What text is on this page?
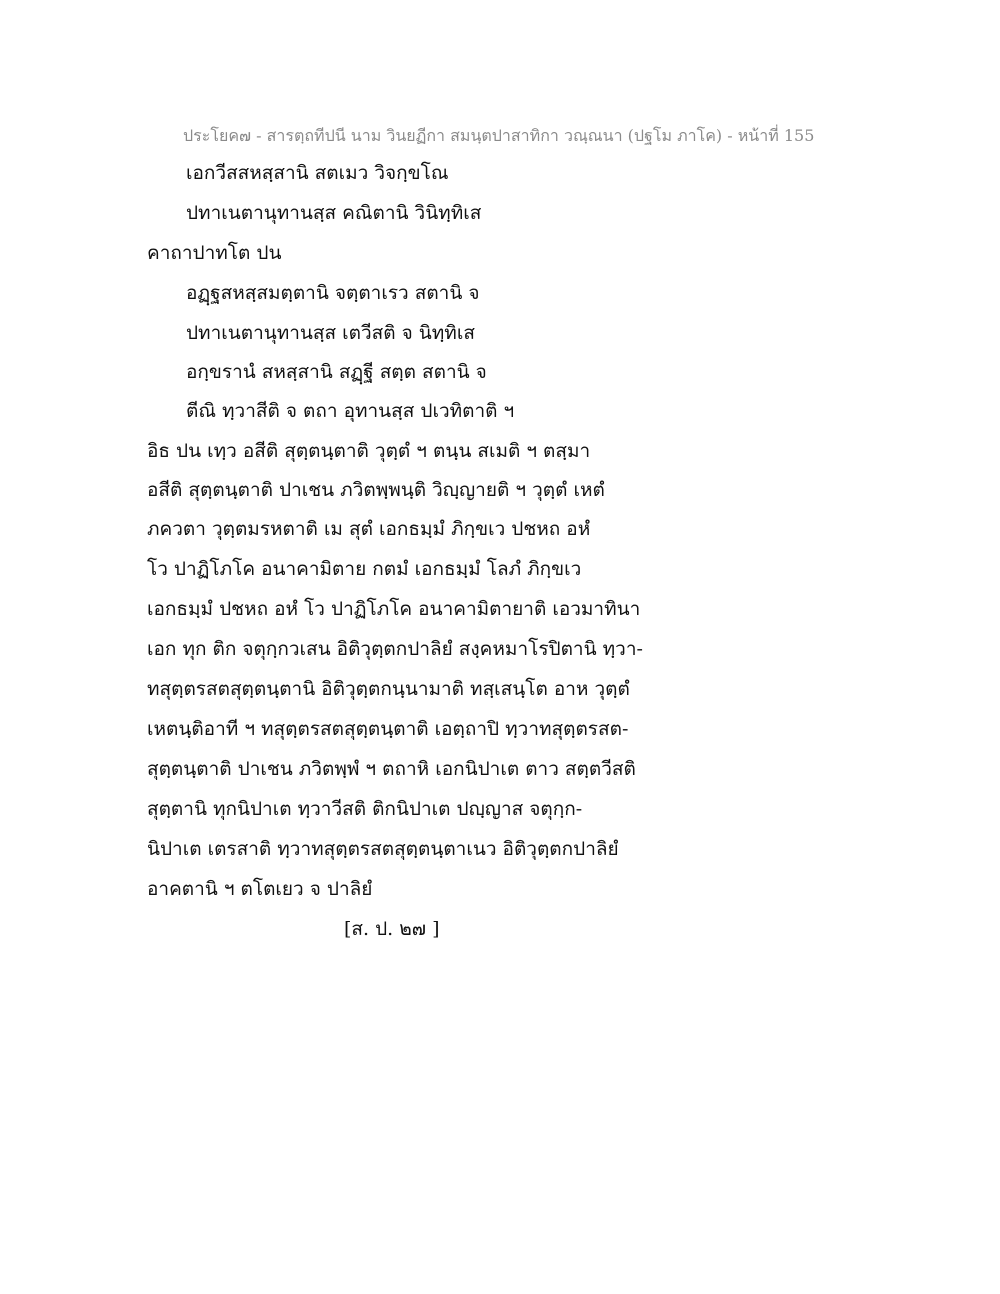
ประโยค๗ - สารตฺถทีปนี นาม วินยฏีกา สมนฺตปาสาทิกา วณฺณนา (ปฐโม ภาโค) - หน้าที่ 155
เอกวีสสหสฺสานิ สตเมว วิจกฺขโณ
ปทาเนตานุทานสฺส คณิตานิ วินิทฺทิเส
คาถาปาทโต ปน
อฏฺฐสหสฺสมตฺตานิ จตฺตาเรว สตานิ จ
ปทาเนตานุทานสฺส เตวีสติ จ นิทฺทิเส
อกฺขรานํ สหสฺสานิ สฏฺฐี สตฺต สตานิ จ
ตีณิ ทฺวาสีติ จ ตถา อุทานสฺส ปเวทิตาติ ฯ
อิธ ปน เทฺว อสีติ สุตฺตนฺตาติ วุตฺตํ ฯ ตนฺน สเมติ ฯ ตสฺมา
อสีติ สุตฺตนฺตาติ ปาเชน ภวิตพฺพนฺติ วิญฺญายติ ฯ วุตฺตํ เหตํ
ภควตา วุตฺตมรหตาติ เม สุตํ เอกธมฺมํ ภิกฺขเว ปชหถ อหํ
โว ปาฏิโภโค อนาคามิตาย กตมํ เอกธมฺมํ โลภํ ภิกฺขเว
เอกธมฺมํ ปชหถ อหํ โว ปาฏิโภโค อนาคามิตายาติ เอวมาทินา
เอก ทุก ติก จตุกฺกวเสน อิติวุตฺตกปาลิยํ สงฺคหมาโรปิตานิ ทฺวา-
ทสุตฺตรสตสุตฺตนฺตานิ อิติวุตฺตกนฺนามาติ ทสฺเสนฺโต อาห วุตฺตํ
เหตนฺติอาที ฯ ทสุตฺตรสตสุตฺตนฺตาติ เอตฺถาปิ ทฺวาทสุตฺตรสต-
สุตฺตนฺตาติ ปาเชน ภวิตพฺพํ ฯ ตถาหิ เอกนิปาเต ตาว สตฺตวีสติ
สุตฺตานิ ทุกนิปาเต ทฺวาวีสติ ติกนิปาเต ปญฺญาส จตุกฺก-
นิปาเต เตรสาติ ทฺวาทสุตฺตรสตสุตฺตนฺตาเนว อิติวุตฺตกปาลิยํ
อาคตานิ ฯ ตโตเยว จ ปาลิยํ
[ส. ป. ๒๗ ]
